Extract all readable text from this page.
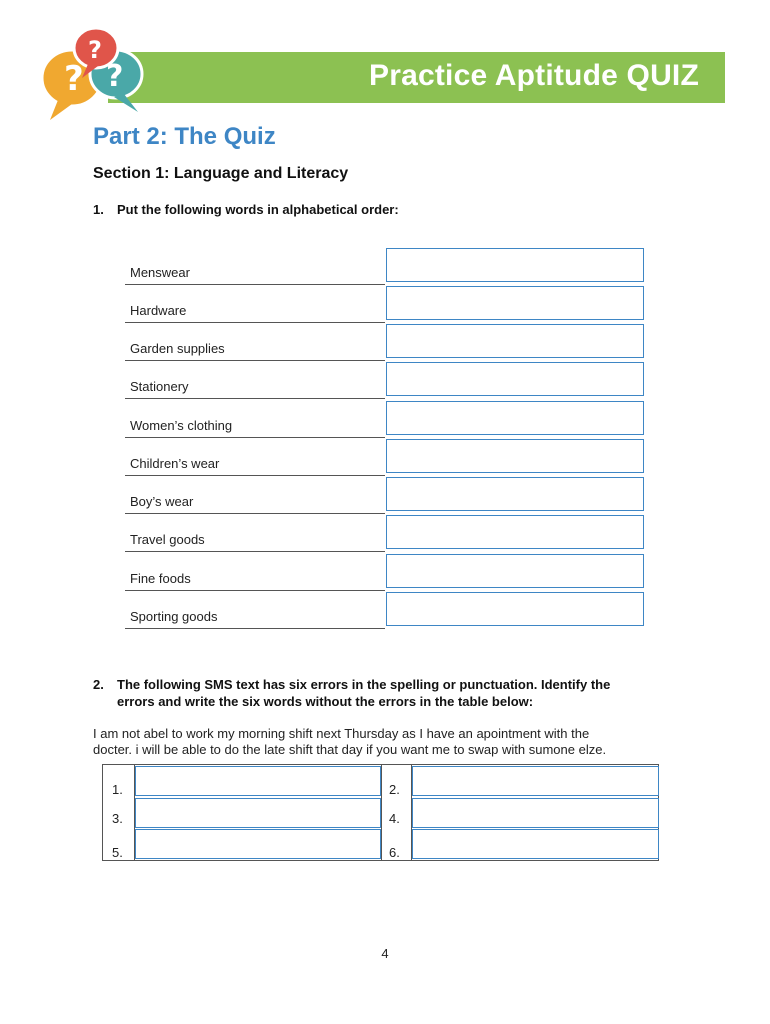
Practice Aptitude QUIZ
? ?
?
Part 2: The Quiz
Section 1: Language and Literacy
1. Put the following words in alphabetical order:
Menswear
Hardware
Garden supplies
Stationery
Women’s clothing
Children’s wear
Boy’s wear
Travel goods
Fine foods
Sporting goods
2. The following SMS text has six errors in the spelling or punctuation. Identify the
errors and write the six words without the errors in the table below:
I am not abel to work my morning shift next Thursday as I have an apointment with the
docter. i will be able to do the late shift that day if you want me to swap with sumone elze.
1.	2.
3.	4.
5.	6.
4
